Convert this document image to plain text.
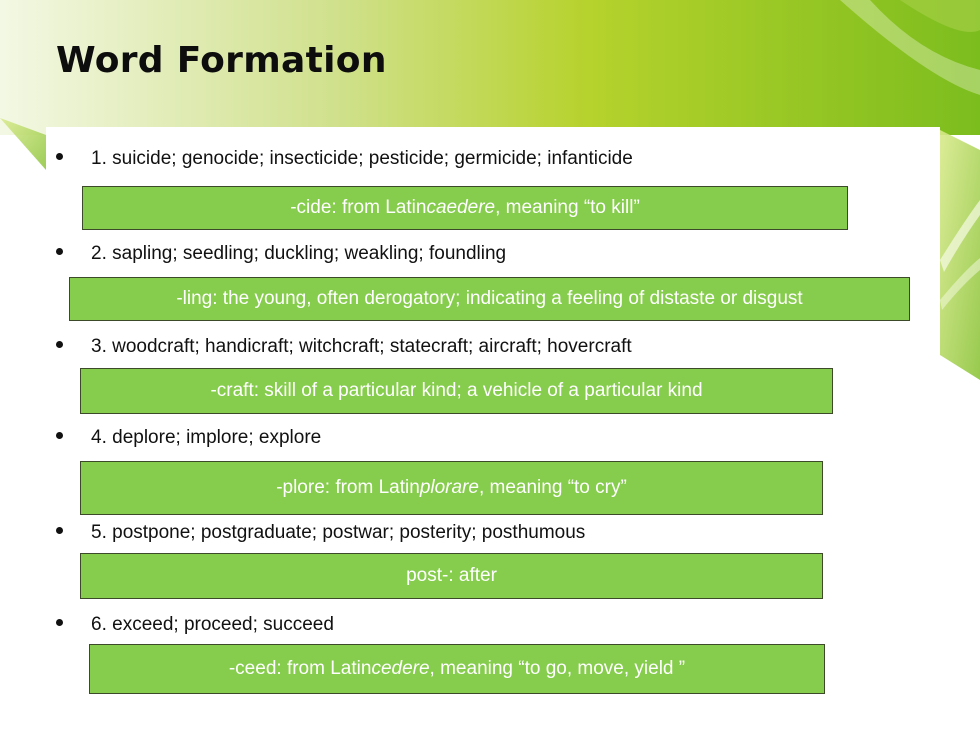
Word Formation
1. suicide; genocide; insecticide; pesticide; germicide; infanticide
-cide: from Latin caedere , meaning “to kill”
2. sapling; seedling; duckling; weakling; foundling
-ling: the young, often derogatory; indicating a feeling of distaste or disgust
3. woodcraft; handicraft; witchcraft; statecraft; aircraft; hovercraft
-craft: skill of a particular kind; a vehicle of a particular kind
4. deplore; implore; explore
-plore: from Latin plorare , meaning “to cry”
5. postpone; postgraduate; postwar; posterity; posthumous
post-: after
6. exceed; proceed; succeed
-ceed: from Latin cedere , meaning “to go, move, yield ”
